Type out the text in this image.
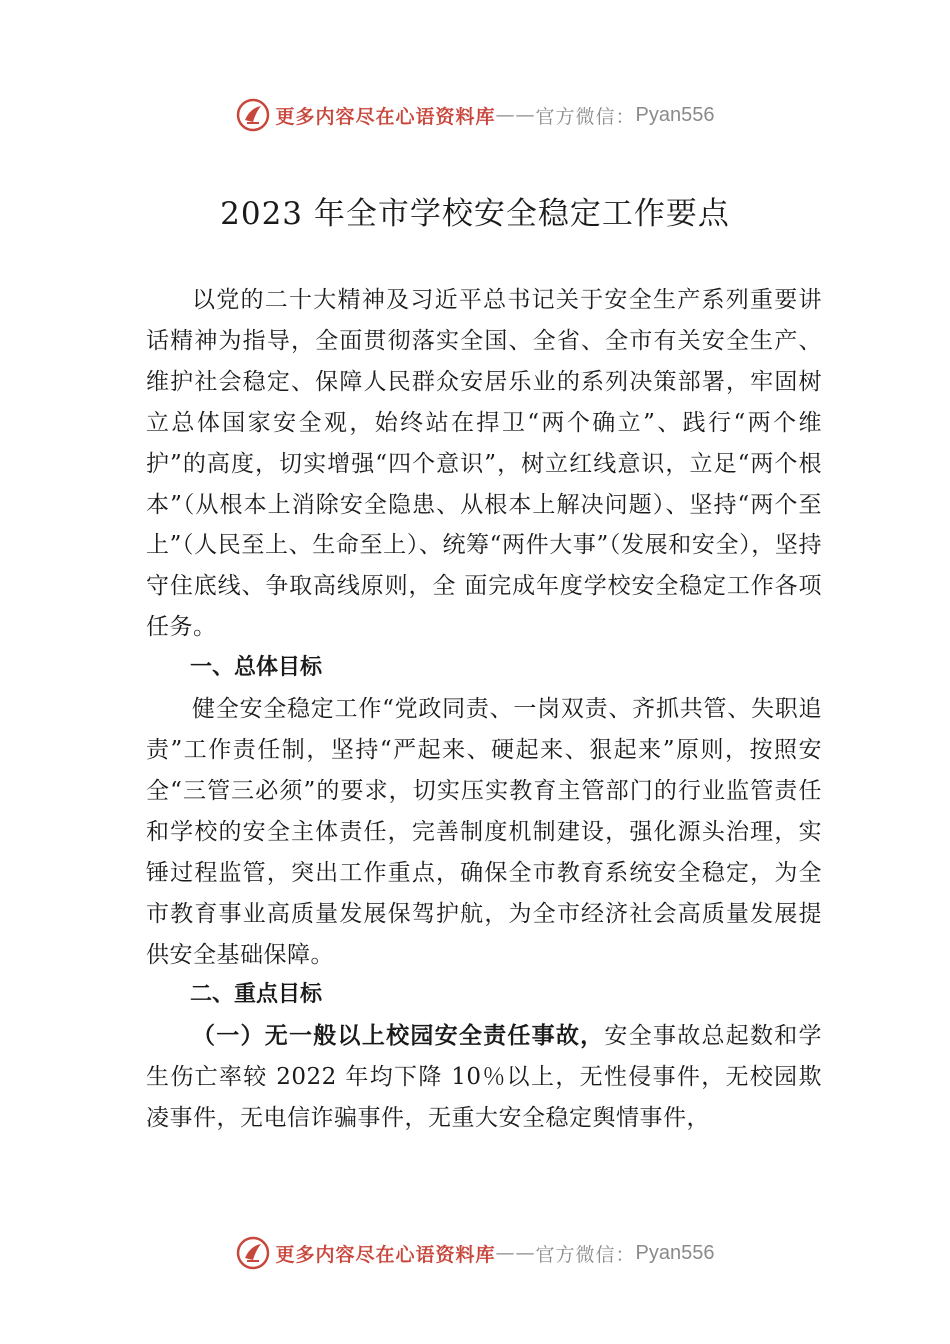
更多内容尽在心语资料库 —— 官方微信： Pyan556
2023 年全市学校安全稳定工作要点

以党的二十大精神及习近平总书记关于安全生产系列重要讲话精神为指导，全面贯彻落实全国、全省、全市有关安全生产、维护社会稳定、保障人民群众安居乐业的系列决策部署，牢固树立总体国家安全观，始终站在捍卫“两个确立”、践行“两个维护”的高度，切实增强“四个意识”，树立红线意识，立足“两个根本”（从根本上消除安全隐患、从根本上解决问题）、坚持“两个至上”（人民至上、生命至上）、统筹“两件大事”（发展和安全），坚持守住底线、争取高线原则，全 面完成年度学校安全稳定工作各项任务。

一、总体目标

健全安全稳定工作“党政同责、一岗双责、齐抓共管、失职追责”工作责任制，坚持“严起来、硬起来、狠起来”原则，按照安全“三管三必须”的要求，切实压实教育主管部门的行业监管责任和学校的安全主体责任，完善制度机制建设，强化源头治理，实锤过程监管，突出工作重点，确保全市教育系统安全稳定，为全市教育事业高质量发展保驾护航，为全市经济社会高质量发展提供安全基础保障。

二、重点目标

（一）无一般以上校园安全责任事故，安全事故总起数和学生伤亡率较 2022 年均下降 10％以上，无性侵事件，无校园欺凌事件，无电信诈骗事件，无重大安全稳定舆情事件，

更多内容尽在心语资料库 —— 官方微信： Pyan556
